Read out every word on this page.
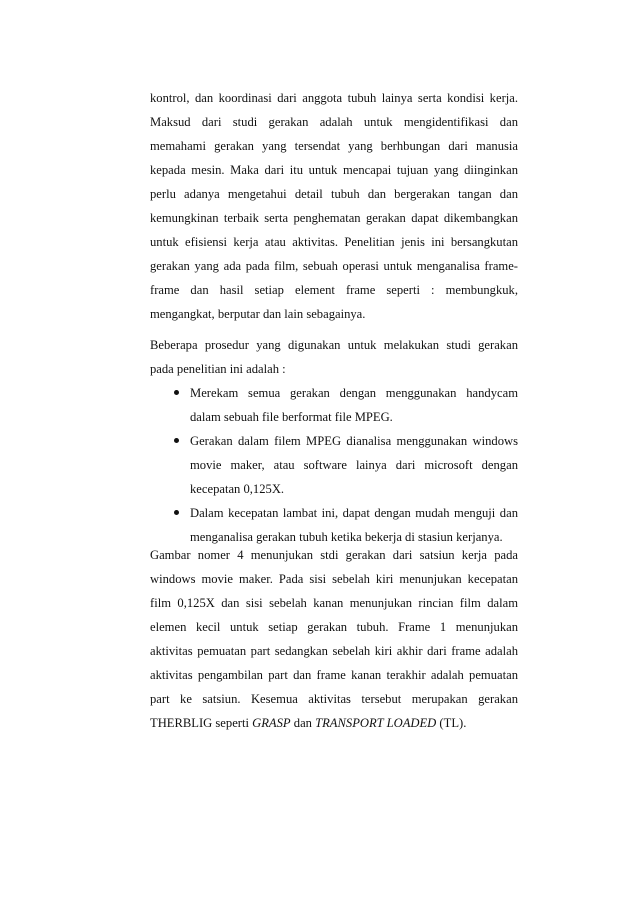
kontrol, dan koordinasi dari anggota tubuh lainya serta kondisi kerja.
Maksud dari studi gerakan adalah untuk mengidentifikasi dan
memahami gerakan yang tersendat yang berhbungan dari manusia
kepada mesin. Maka dari itu untuk mencapai tujuan yang diinginkan
perlu adanya mengetahui detail tubuh dan bergerakan tangan dan
kemungkinan terbaik serta penghematan gerakan dapat dikembangkan
untuk efisiensi kerja atau aktivitas. Penelitian jenis ini bersangkutan
gerakan yang ada pada film, sebuah operasi untuk menganalisa frame-
frame dan hasil setiap element frame seperti : membungkuk,
mengangkat, berputar dan lain sebagainya.
Beberapa prosedur yang digunakan untuk melakukan studi gerakan
pada penelitian ini adalah :
Merekam semua gerakan dengan menggunakan handycam
dalam sebuah file berformat file MPEG.
Gerakan dalam filem MPEG dianalisa menggunakan windows
movie maker, atau software lainya dari microsoft dengan
kecepatan 0,125X.
Dalam kecepatan lambat ini, dapat dengan mudah menguji dan
menganalisa gerakan tubuh ketika bekerja di stasiun kerjanya.
Gambar nomer 4 menunjukan stdi gerakan dari satsiun kerja pada
windows movie maker. Pada sisi sebelah kiri menunjukan kecepatan
film 0,125X dan sisi sebelah kanan menunjukan rincian film dalam
elemen kecil untuk setiap gerakan tubuh. Frame 1 menunjukan
aktivitas pemuatan part sedangkan sebelah kiri akhir dari frame adalah
aktivitas pengambilan part dan frame kanan terakhir adalah pemuatan
part ke satsiun. Kesemua aktivitas tersebut merupakan gerakan
THERBLIG seperti GRASP dan TRANSPORT LOADED (TL).
